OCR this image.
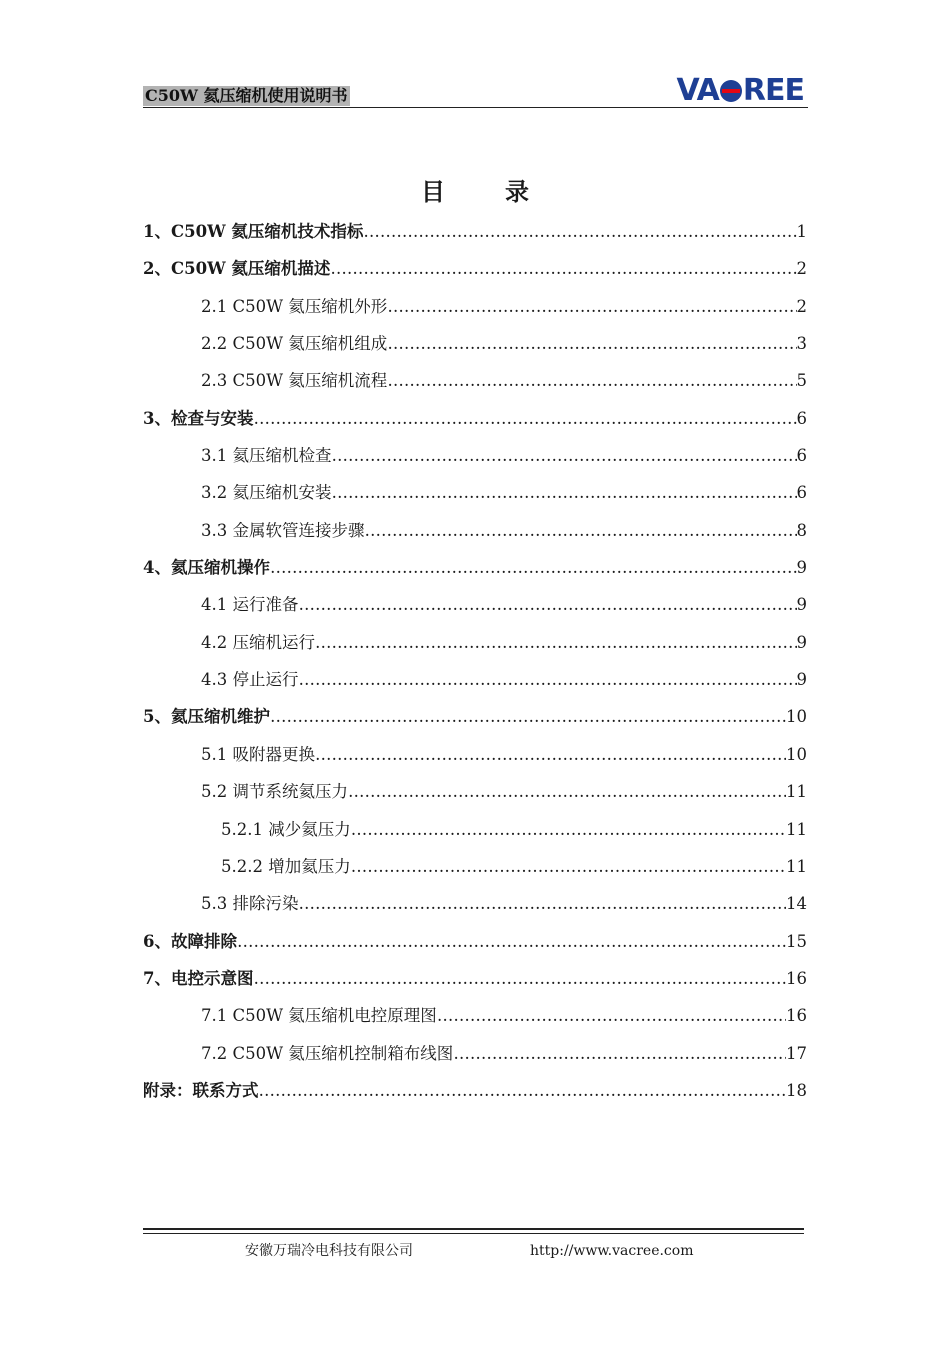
C50W 氦压缩机使用说明书	VA REE
目	录
1、C50W 氦压缩机技术指标 ……………………………………………………………………………………………………………………………………………………………	1
2、C50W 氦压缩机描述 ……………………………………………………………………………………………………………………………………………………………	2
2.1 C50W 氦压缩机外形 ……………………………………………………………………………………………………………………………………………………………	2
2.2 C50W 氦压缩机组成 ……………………………………………………………………………………………………………………………………………………………	3
2.3 C50W 氦压缩机流程 ……………………………………………………………………………………………………………………………………………………………	5
3、检查与安装 ……………………………………………………………………………………………………………………………………………………………	6
3.1 氦压缩机检查 ……………………………………………………………………………………………………………………………………………………………	6
3.2 氦压缩机安装 ……………………………………………………………………………………………………………………………………………………………	6
3.3 金属软管连接步骤 ……………………………………………………………………………………………………………………………………………………………	8
4、氦压缩机操作 ……………………………………………………………………………………………………………………………………………………………	9
4.1 运行准备 ……………………………………………………………………………………………………………………………………………………………	9
4.2 压缩机运行 ……………………………………………………………………………………………………………………………………………………………	9
4.3 停止运行 ……………………………………………………………………………………………………………………………………………………………	9
5、氦压缩机维护 ……………………………………………………………………………………………………………………………………………………………	10
5.1 吸附器更换 ……………………………………………………………………………………………………………………………………………………………	10
5.2 调节系统氦压力 ……………………………………………………………………………………………………………………………………………………………	11
5.2.1 减少氦压力 ……………………………………………………………………………………………………………………………………………………………	11
5.2.2 增加氦压力 ……………………………………………………………………………………………………………………………………………………………	11
5.3 排除污染 ……………………………………………………………………………………………………………………………………………………………	14
6、故障排除 ……………………………………………………………………………………………………………………………………………………………	15
7、电控示意图 ……………………………………………………………………………………………………………………………………………………………	16
7.1 C50W 氦压缩机电控原理图 ……………………………………………………………………………………………………………………………………………………………	16
7.2 C50W 氦压缩机控制箱布线图 ……………………………………………………………………………………………………………………………………………………………	17
附录：联系方式 ……………………………………………………………………………………………………………………………………………………………	18
安徽万瑞冷电科技有限公司	http://www.vacree.com
